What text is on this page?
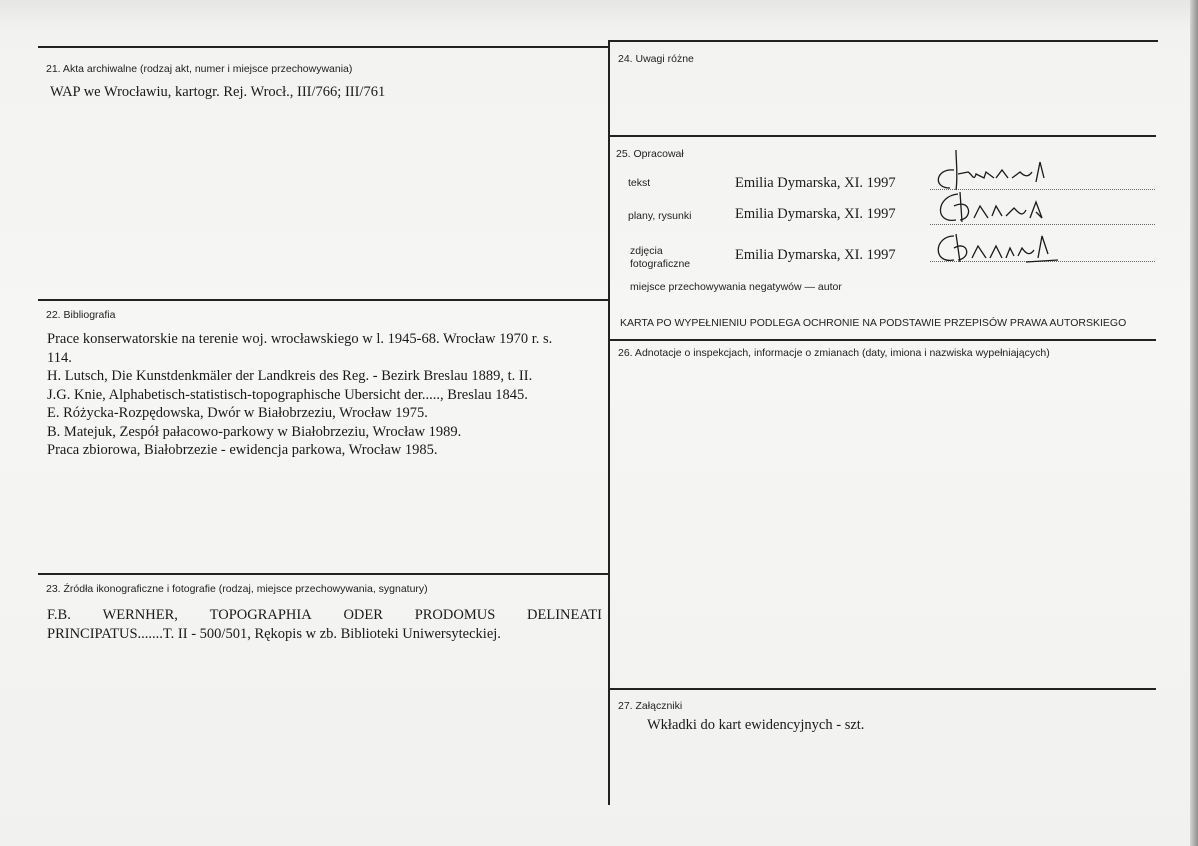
21. Akta archiwalne (rodzaj akt, numer i miejsce przechowywania)
WAP we Wrocławiu, kartogr. Rej. Wrocł., III/766; III/761
22. Bibliografia
Prace konserwatorskie na terenie woj. wrocławskiego w l. 1945-68. Wrocław 1970 r. s.
114.
H. Lutsch, Die Kunstdenkmäler der Landkreis des Reg. - Bezirk Breslau 1889, t. II.
J.G. Knie, Alphabetisch-statistisch-topographische Ubersicht der....., Breslau 1845.
E. Różycka-Rozpędowska, Dwór w Białobrzeziu, Wrocław 1975.
B. Matejuk, Zespół pałacowo-parkowy w Białobrzeziu, Wrocław 1989.
Praca zbiorowa, Białobrzezie - ewidencja parkowa, Wrocław 1985.
23. Źródła ikonograficzne i fotografie (rodzaj, miejsce przechowywania, sygnatury)
F.B. WERNHER, TOPOGRAPHIA ODER PRODOMUS DELINEATI
PRINCIPATUS.......T. II - 500/501, Rękopis w zb. Biblioteki Uniwersyteckiej.
24. Uwagi różne
25. Opracował
tekst	Emilia Dymarska, XI. 1997
plany, rysunki	Emilia Dymarska, XI. 1997
zdjęcia
fotograficzne
Emilia Dymarska, XI. 1997
miejsce przechowywania negatywów — autor
KARTA PO WYPEŁNIENIU PODLEGA OCHRONIE NA PODSTAWIE PRZEPISÓW PRAWA AUTORSKIEGO
26. Adnotacje o inspekcjach, informacje o zmianach (daty, imiona i nazwiska wypełniających)
27. Załączniki
Wkładki do kart ewidencyjnych - szt.
